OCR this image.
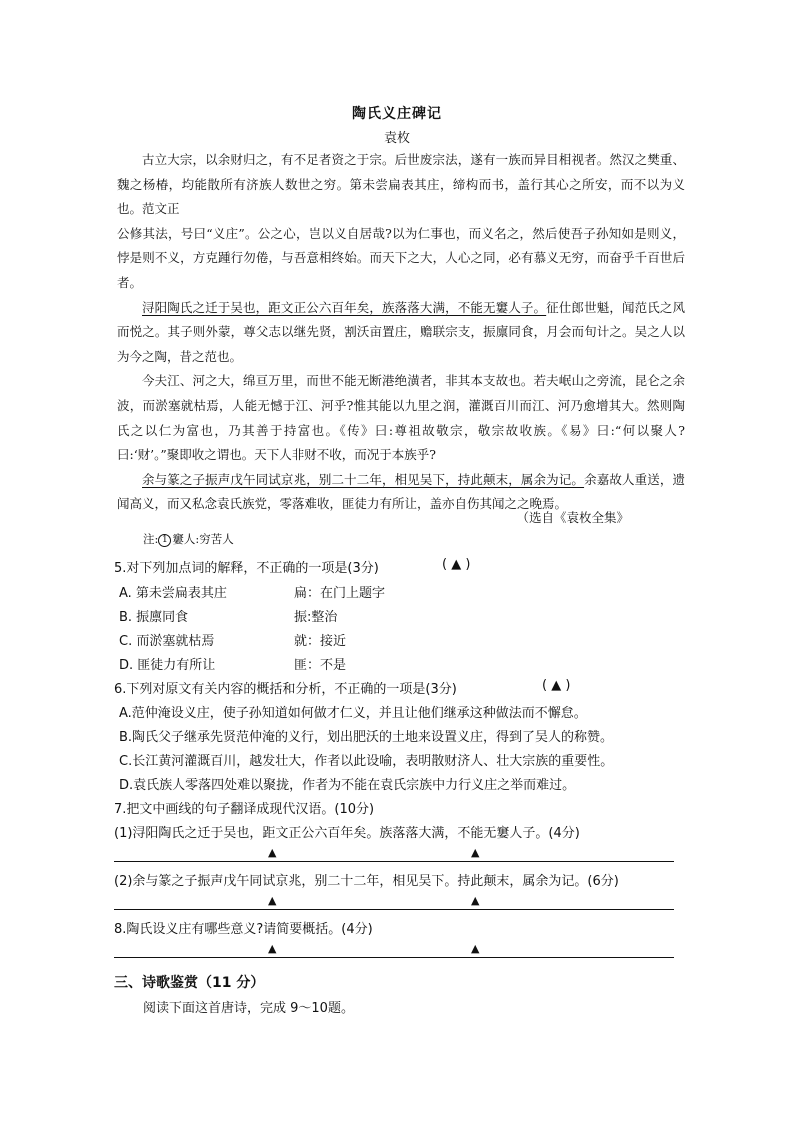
陶氏义庄碑记
袁枚

古立大宗，以余财归之，有不足者资之于宗。后世废宗法，遂有一族而异目相视者。然汉之樊重、魏之杨椿，均能散所有济族人数世之穷。第未尝扁表其庄，缔构而书，盖行其心之所安，而不以为义也。范文正

公修其法，号曰“义庄”。公之心，岂以义自居哉?以为仁事也，而义名之，然后使吾子孙知如是则义，悖是则不义，方克踵行勿倦，与吾意相终始。而天下之大，人心之同，必有慕义无穷，而奋乎千百世后者。

浔阳陶氏之迁于吴也，距文正公六百年矣，族落落大满，不能无窶人子。征仕郎世魁，闻范氏之风而悦之。其子则外蒙，尊父志以继先贤，割沃亩置庄，赡联宗支，振廪同食，月会而旬计之。吴之人以为今之陶，昔之范也。

今夫江、河之大，绵亘万里，而世不能无断港绝潢者，非其本支故也。若夫岷山之旁流，昆仑之余波，而淤塞就枯焉，人能无憾于江、河乎?惟其能以九里之润，灌溉百川而江、河乃愈增其大。然则陶氏之以仁为富也，乃其善于持富也。《传》曰:尊祖故敬宗，敬宗故收族。《易》曰:“何以聚人?曰:‘财’。”聚即收之谓也。天下人非财不收，而况于本族乎?

余与篆之子振声戊午同试京兆，别二十二年，相见吴下，持此颠末，属余为记。余嘉故人重送，遗闻高义，而又私念袁氏族党，零落难收，匪徒力有所让，盖亦自伤其闻之之晚焉。

（选自《袁枚全集》
注: 1 窶人:穷苦人
5.对下列加点词的解释，不正确的一项是(3分)	( ▲ )
A. 第未尝扁表其庄	扁：在门上题字
B. 振廪同食	振:整治
C. 而淤塞就枯焉	就：接近
D. 匪徒力有所让	匪：不是
6.下列对原文有关内容的概括和分析，不正确的一项是(3分)	( ▲ )
A.范仲淹设义庄，使子孙知道如何做才仁义，并且让他们继承这种做法而不懈怠。
B.陶氏父子继承先贤范仲淹的义行，划出肥沃的土地来设置义庄，得到了吴人的称赞。
C.长江黄河灌溉百川，越发壮大，作者以此设喻，表明散财济人、壮大宗族的重要性。
D.袁氏族人零落四处难以聚拢，作者为不能在袁氏宗族中力行义庄之举而难过。
7.把文中画线的句子翻译成现代汉语。(10分)
(1)浔阳陶氏之迁于吴也，距文正公六百年矣。族落落大满，不能无窶人子。(4分)
▲	▲
(2)余与篆之子振声戊午同试京兆，别二十二年，相见吴下。持此颠末，属余为记。(6分)
▲	▲
8.陶氏设义庄有哪些意义?请简要概括。(4分)
▲	▲
三、诗歌鉴赏（11 分）
阅读下面这首唐诗，完成 9～10题。
